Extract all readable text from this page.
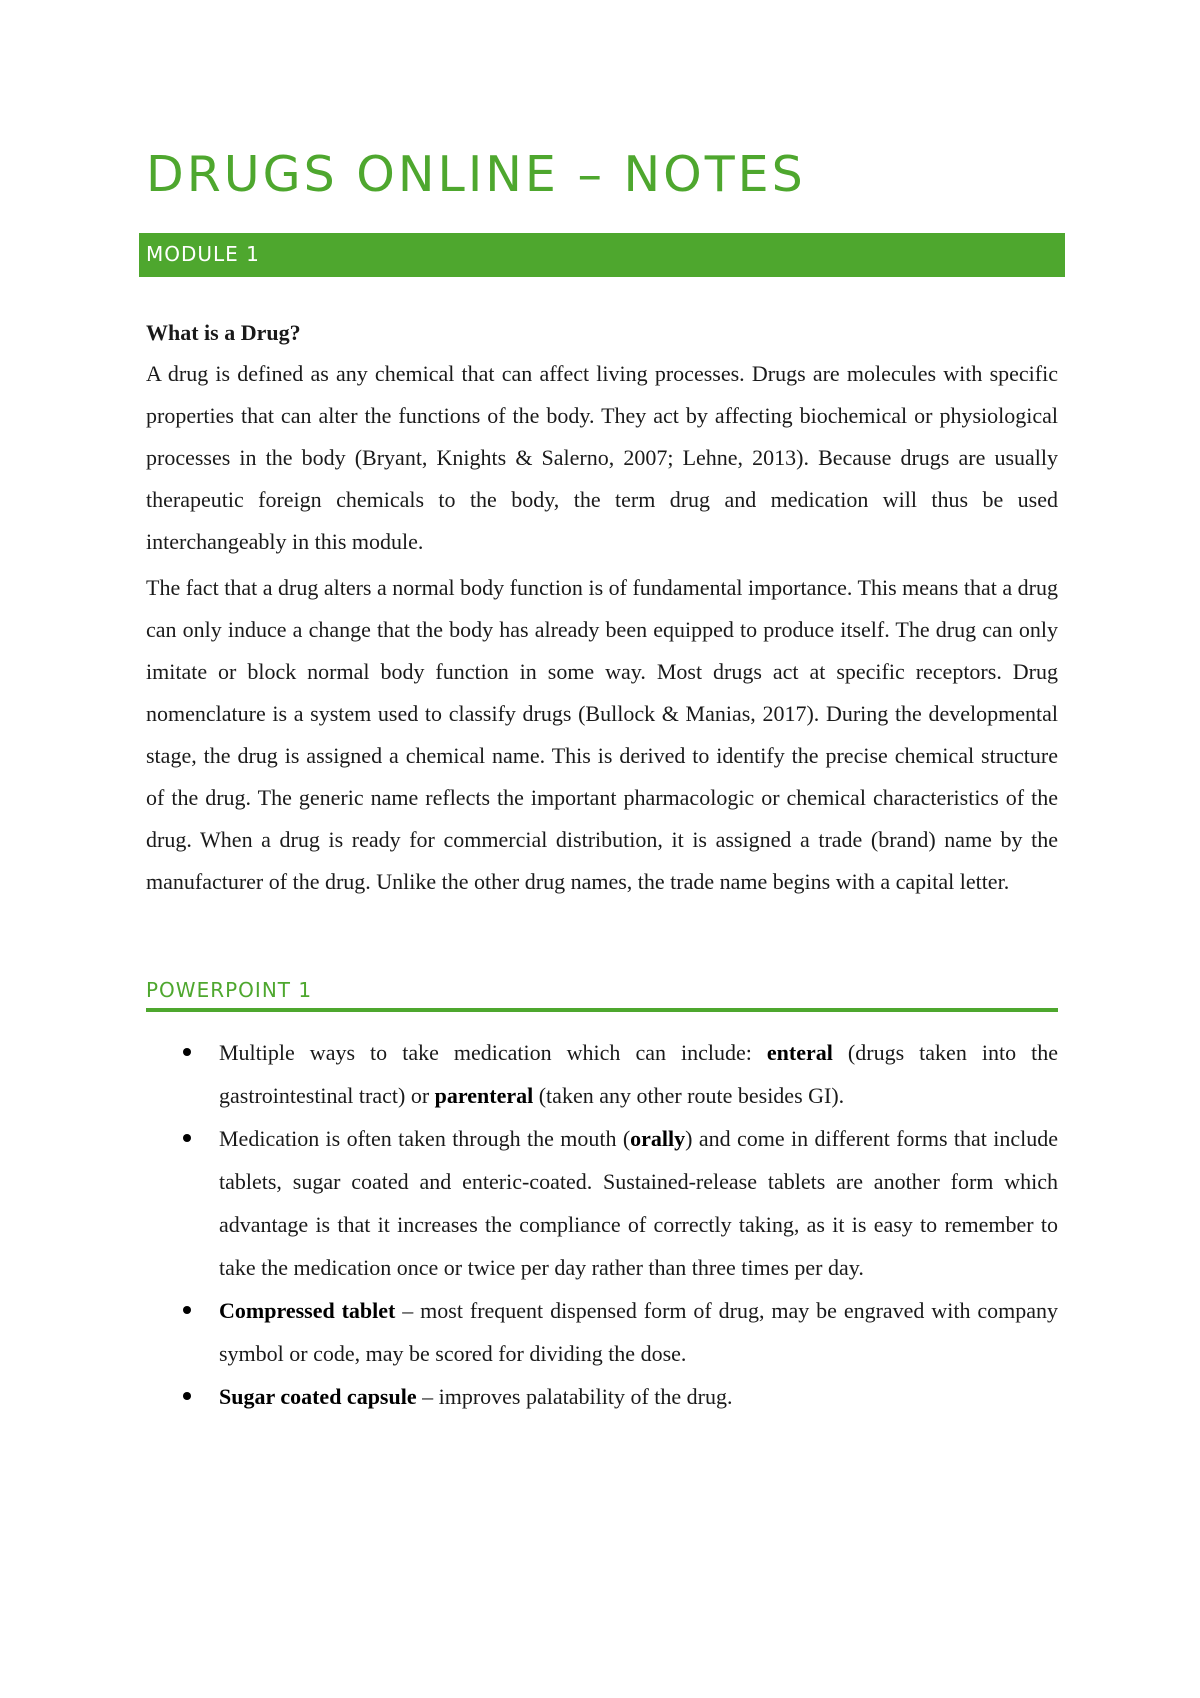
DRUGS ONLINE – NOTES
MODULE 1

What is a Drug?

A drug is defined as any chemical that can affect living processes. Drugs are molecules with specific properties that can alter the functions of the body. They act by affecting biochemical or physiological processes in the body (Bryant, Knights & Salerno, 2007; Lehne, 2013). Because drugs are usually therapeutic foreign chemicals to the body, the term drug and medication will thus be used interchangeably in this module.

The fact that a drug alters a normal body function is of fundamental importance. This means that a drug can only induce a change that the body has already been equipped to produce itself. The drug can only imitate or block normal body function in some way. Most drugs act at specific receptors. Drug nomenclature is a system used to classify drugs (Bullock & Manias, 2017). During the developmental stage, the drug is assigned a chemical name. This is derived to identify the precise chemical structure of the drug. The generic name reflects the important pharmacologic or chemical characteristics of the drug. When a drug is ready for commercial distribution, it is assigned a trade (brand) name by the manufacturer of the drug. Unlike the other drug names, the trade name begins with a capital letter.

POWERPOINT 1
Multiple ways to take medication which can include: enteral (drugs taken into the gastrointestinal tract) or parenteral (taken any other route besides GI).
Medication is often taken through the mouth (orally) and come in different forms that include tablets, sugar coated and enteric-coated. Sustained-release tablets are another form which advantage is that it increases the compliance of correctly taking, as it is easy to remember to take the medication once or twice per day rather than three times per day.
Compressed tablet – most frequent dispensed form of drug, may be engraved with company symbol or code, may be scored for dividing the dose.
Sugar coated capsule – improves palatability of the drug.
